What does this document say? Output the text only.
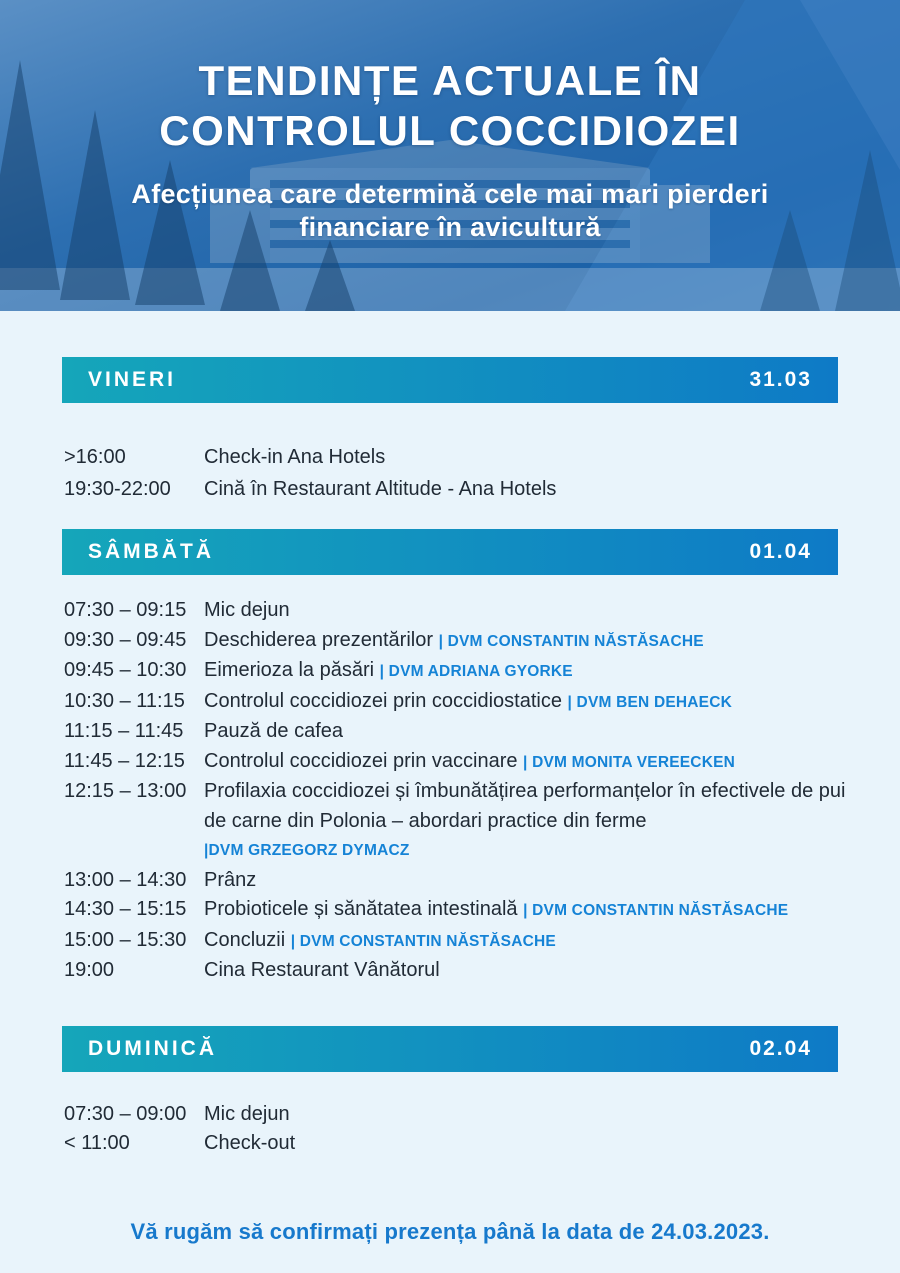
TENDINȚE ACTUALE ÎN
CONTROLUL COCCIDIOZEI
Afecțiunea care determină cele mai mari pierderi
financiare în avicultură
VINERI	31.03
>16:00	Check-in Ana Hotels
19:30-22:00	Cină în Restaurant Altitude - Ana Hotels
SÂMBĂTĂ	01.04
07:30 – 09:15 Mic dejun
09:30 – 09:45 Deschiderea prezentărilor | DVM CONSTANTIN NĂSTĂSACHE
09:45 – 10:30 Eimerioza la păsări | DVM ADRIANA GYORKE
10:30 – 11:15 Controlul coccidiozei prin coccidiostatice | DVM BEN DEHAECK
11:15 – 11:45	Pauză de cafea
11:45 – 12:15 Controlul coccidiozei prin vaccinare | DVM MONITA VEREECKEN
12:15 – 13:00 Profilaxia coccidiozei și îmbunătățirea performanțelor în efectivele de pui de carne din Polonia – abordari practice din ferme
|DVM GRZEGORZ DYMACZ
13:00 – 14:30 Prânz
14:30 – 15:15 Probioticele și sănătatea intestinală | DVM CONSTANTIN NĂSTĂSACHE
15:00 – 15:30 Concluzii | DVM CONSTANTIN NĂSTĂSACHE
19:00	Cina Restaurant Vânătorul
DUMINICĂ	02.04
07:30 – 09:00 Mic dejun
< 11:00	Check-out
Vă rugăm să confirmați prezența până la data de 24.03.2023.
